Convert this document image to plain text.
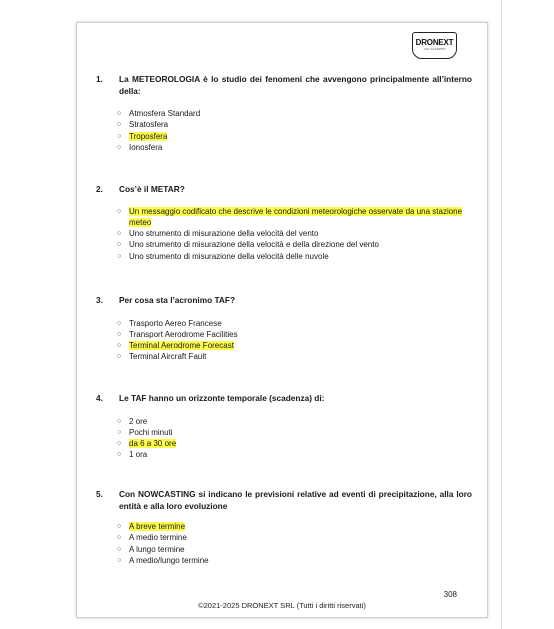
DRONEXT
UAV ACADEMY
1. La METEOROLOGIA è lo studio dei fenomeni che avvengono principalmente all’interno della:
○ Atmosfera Standard
○ Stratosfera
○ Troposfera
○ Ionosfera
2. Cos’è il METAR?
○ Un messaggio codificato che descrive le condizioni meteorologiche osservate da una stazione meteo
○ Uno strumento di misurazione della velocità del vento
○ Uno strumento di misurazione della velocità e della direzione del vento
○ Uno strumento di misurazione della velocità delle nuvole
3. Per cosa sta l’acronimo TAF?
○ Trasporto Aereo Francese
○ Transport Aerodrome Facilities
○ Terminal Aerodrome Forecast
○ Terminal Aircraft Fault
4. Le TAF hanno un orizzonte temporale (scadenza) di:
○ 2 ore
○ Pochi minuti
○ da 6 a 30 ore
○ 1 ora
5. Con NOWCASTING si indicano le previsioni relative ad eventi di precipitazione, alla loro entità e alla loro evoluzione
○ A breve termine
○ A medio termine
○ A lungo termine
○ A medio/lungo termine
308
©2021-2025 DRONEXT SRL (Tutti i diritti riservati)
